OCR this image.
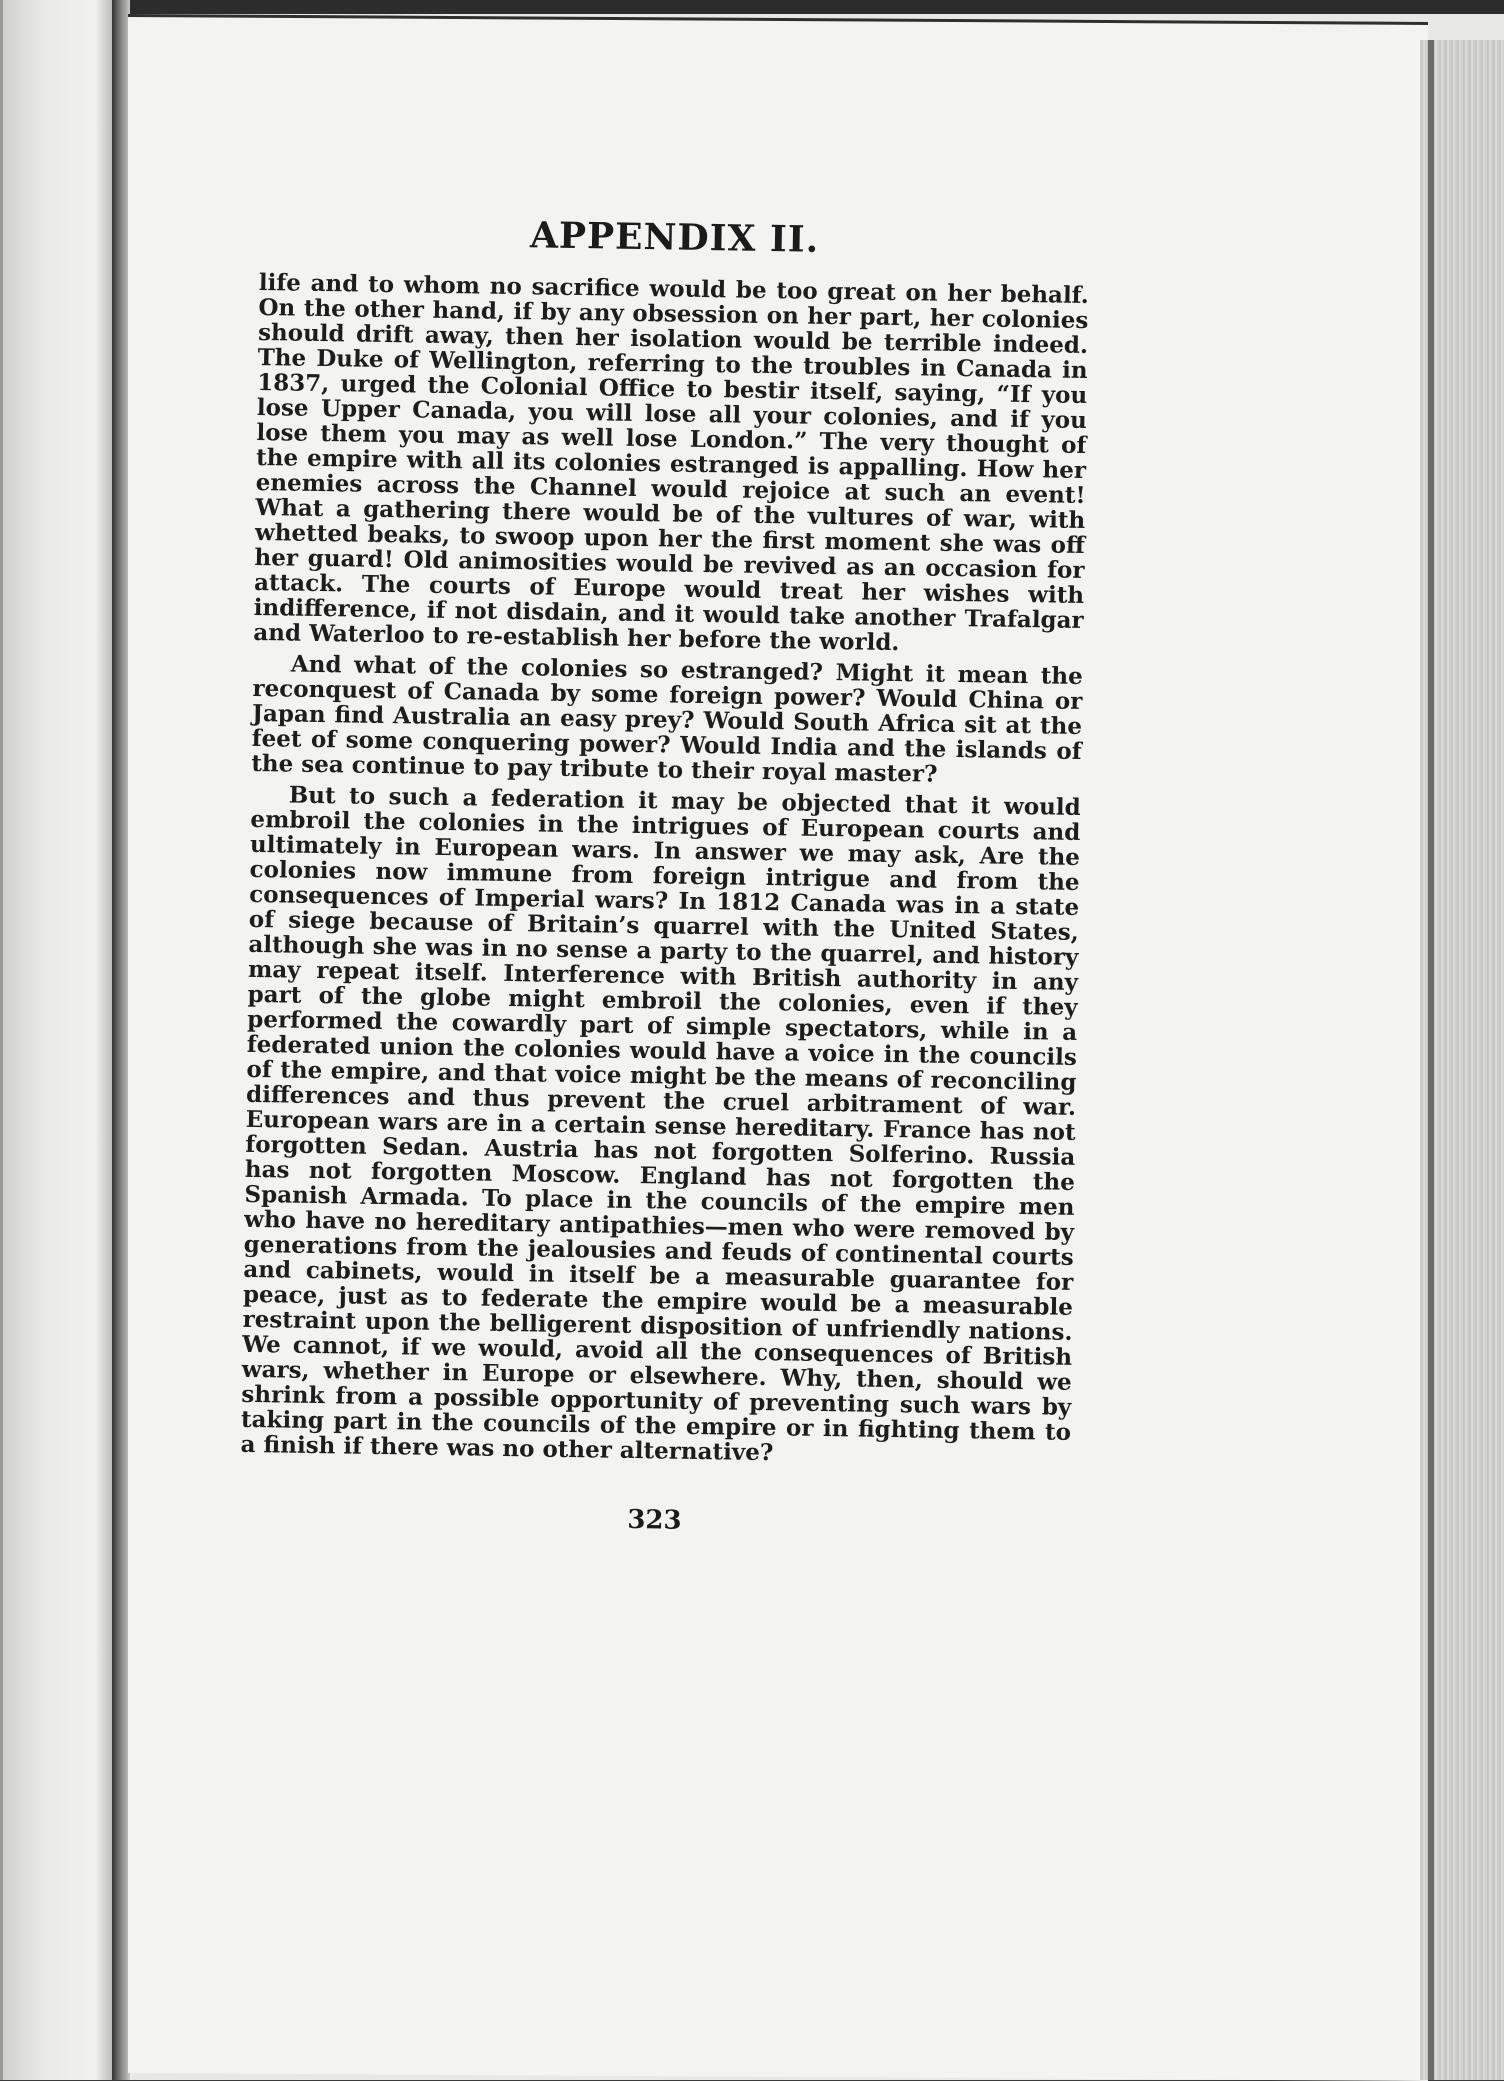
APPENDIX II.

life and to whom no sacrifice would be too great on her behalf. On the other hand, if by any obsession on her part, her colonies should drift away, then her isolation would be terrible indeed. The Duke of Wellington, referring to the troubles in Canada in 1837, urged the Colonial Office to bestir itself, saying, “If you lose Upper Canada, you will lose all your colonies, and if you lose them you may as well lose London.” The very thought of the empire with all its colonies estranged is appalling. How her enemies across the Channel would rejoice at such an event! What a gathering there would be of the vultures of war, with whetted beaks, to swoop upon her the first moment she was off her guard! Old animosities would be revived as an occasion for attack. The courts of Europe would treat her wishes with indifference, if not disdain, and it would take another Trafalgar and Waterloo to re-establish her before the world.

And what of the colonies so estranged? Might it mean the reconquest of Canada by some foreign power? Would China or Japan find Australia an easy prey? Would South Africa sit at the feet of some conquering power? Would India and the islands of the sea continue to pay tribute to their royal master?

But to such a federation it may be objected that it would embroil the colonies in the intrigues of European courts and ultimately in European wars. In answer we may ask, Are the colonies now immune from foreign intrigue and from the consequences of Imperial wars? In 1812 Canada was in a state of siege because of Britain’s quarrel with the United States, although she was in no sense a party to the quarrel, and history may repeat itself. Interference with British authority in any part of the globe might embroil the colonies, even if they performed the cowardly part of simple spectators, while in a federated union the colonies would have a voice in the councils of the empire, and that voice might be the means of reconciling differences and thus prevent the cruel arbitrament of war. European wars are in a certain sense hereditary. France has not forgotten Sedan. Austria has not forgotten Solferino. Russia has not forgotten Moscow. England has not forgotten the Spanish Armada. To place in the councils of the empire men who have no hereditary antipathies—men who were removed by generations from the jealousies and feuds of continental courts and cabinets, would in itself be a measurable guarantee for peace, just as to federate the empire would be a measurable restraint upon the belligerent disposition of unfriendly nations. We cannot, if we would, avoid all the consequences of British wars, whether in Europe or elsewhere. Why, then, should we shrink from a possible opportunity of preventing such wars by taking part in the councils of the empire or in fighting them to a finish if there was no other alternative?

323
